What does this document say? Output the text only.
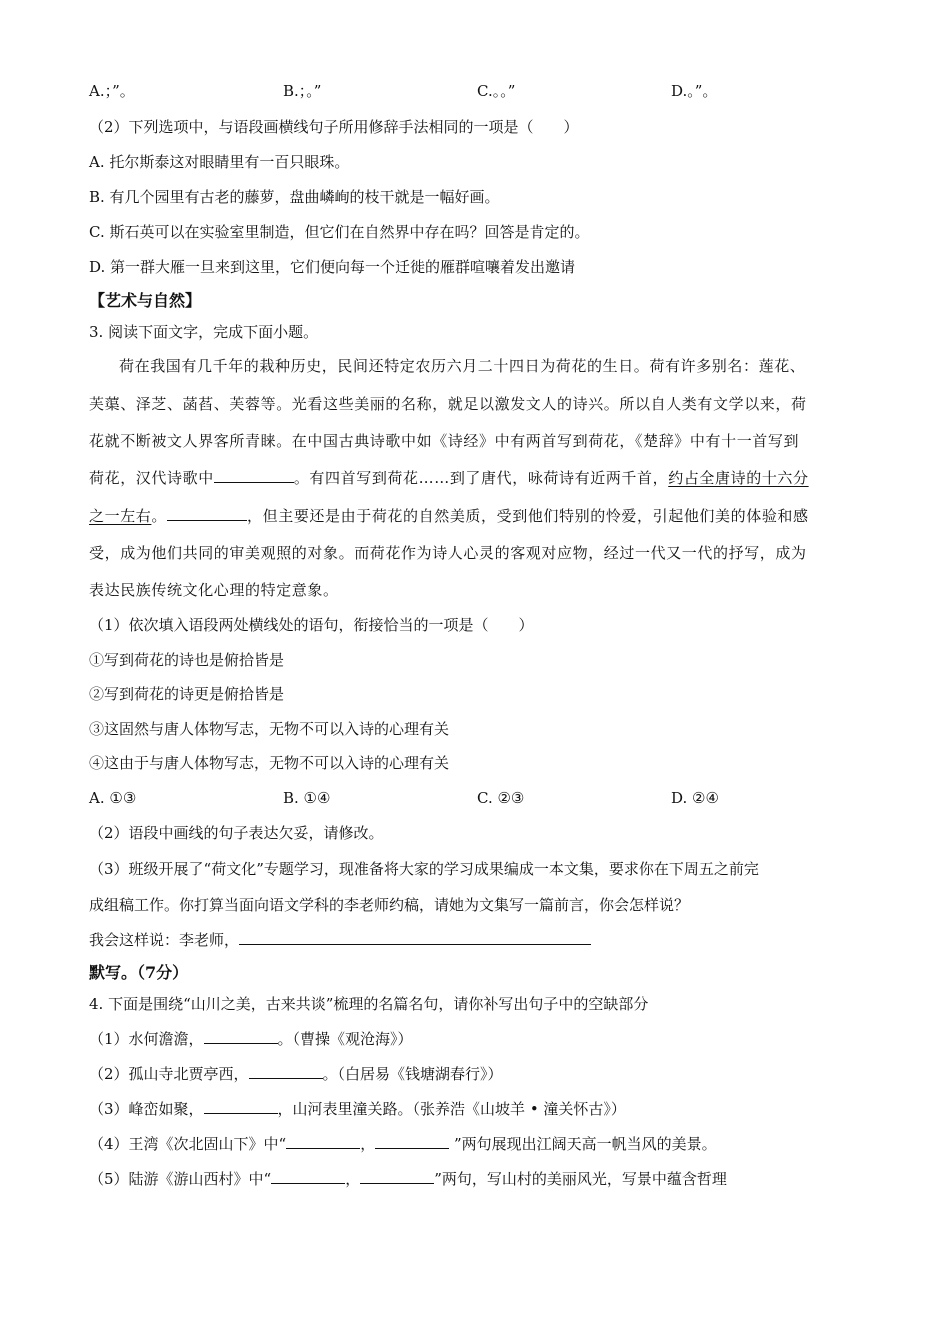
A.；”。	B.；。”	C.。。”	D.。”。
（2）下列选项中，与语段画横线句子所用修辞手法相同的一项是（　　）
A. 托尔斯泰这对眼睛里有一百只眼珠。
B. 有几个园里有古老的藤萝，盘曲嶙峋的枝干就是一幅好画。
C. 斯石英可以在实验室里制造，但它们在自然界中存在吗？回答是肯定的。
D. 第一群大雁一旦来到这里，它们便向每一个迁徙的雁群喧嚷着发出邀请
【艺术与自然】
3. 阅读下面文字，完成下面小题。
荷在我国有几千年的栽种历史，民间还特定农历六月二十四日为荷花的生日。荷有许多别名：莲花、
芙蕖、泽芝、菡萏、芙蓉等。光看这些美丽的名称，就足以激发文人的诗兴。所以自人类有文学以来，荷
花就不断被文人界客所青睐。在中国古典诗歌中如《诗经》中有两首写到荷花，《楚辞》中有十一首写到
荷花，汉代诗歌中	。有四首写到荷花……到了唐代，咏荷诗有近两千首，约占全唐诗的十六分
之一左右。	，但主要还是由于荷花的自然美质，受到他们特别的怜爱，引起他们美的体验和感
受，成为他们共同的审美观照的对象。而荷花作为诗人心灵的客观对应物，经过一代又一代的抒写，成为
表达民族传统文化心理的特定意象。
（1）依次填入语段两处横线处的语句，衔接恰当的一项是（　　）
①写到荷花的诗也是俯拾皆是
②写到荷花的诗更是俯拾皆是
③这固然与唐人体物写志，无物不可以入诗的心理有关
④这由于与唐人体物写志，无物不可以入诗的心理有关
A. ①③	B. ①④	C. ②③	D. ②④
（2）语段中画线的句子表达欠妥，请修改。
（3）班级开展了“荷文化”专题学习，现准备将大家的学习成果编成一本文集，要求你在下周五之前完
成组稿工作。你打算当面向语文学科的李老师约稿，请她为文集写一篇前言，你会怎样说？
我会这样说：李老师，
默写。（7分）
4. 下面是围绕“山川之美，古来共谈”梳理的名篇名句，请你补写出句子中的空缺部分
（1）水何澹澹，	。（曹操《观沧海》）
（2）孤山寺北贾亭西，	。（白居易《钱塘湖春行》）
（3）峰峦如聚，	，山河表里潼关路。（张养浩《山坡羊 • 潼关怀古》）
（4）王湾《次北固山下》中“	，	”两句展现出江阔天高一帆当风的美景。
（5）陆游《游山西村》中“	，	”两句，写山村的美丽风光，写景中蕴含哲理
